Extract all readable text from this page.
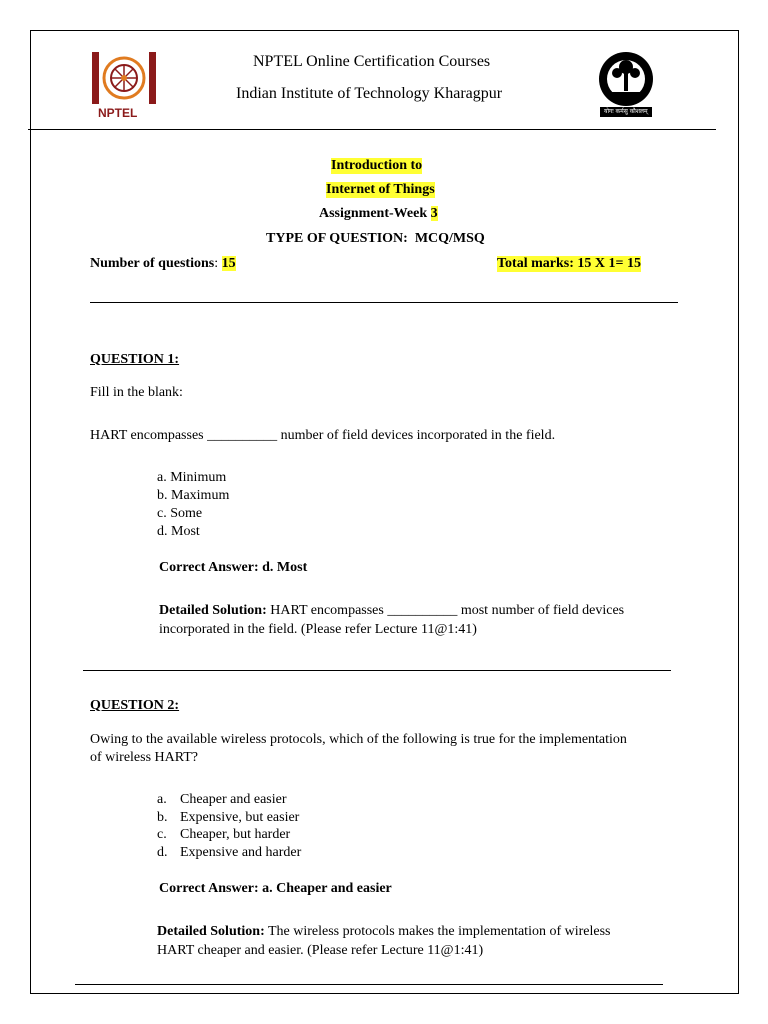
NPTEL
NPTEL Online Certification Courses
Indian Institute of Technology Kharagpur
योगः कर्मसु कौशलम्
Introduction to
Internet of Things
Assignment-Week 3
TYPE OF QUESTION:  MCQ/MSQ
Number of questions: 15	Total marks: 15 X 1= 15
QUESTION 1:
Fill in the blank:
HART encompasses __________ number of field devices incorporated in the field.
a. Minimum
b. Maximum
c. Some
d. Most
Correct Answer: d. Most
Detailed Solution: HART encompasses __________ most number of field devices
incorporated in the field. (Please refer Lecture 11@1:41)
QUESTION 2:
Owing to the available wireless protocols, which of the following is true for the implementation
of wireless HART?
a. Cheaper and easier
b. Expensive, but easier
c. Cheaper, but harder
d. Expensive and harder
Correct Answer: a. Cheaper and easier
Detailed Solution: The wireless protocols makes the implementation of wireless
HART cheaper and easier. (Please refer Lecture 11@1:41)
